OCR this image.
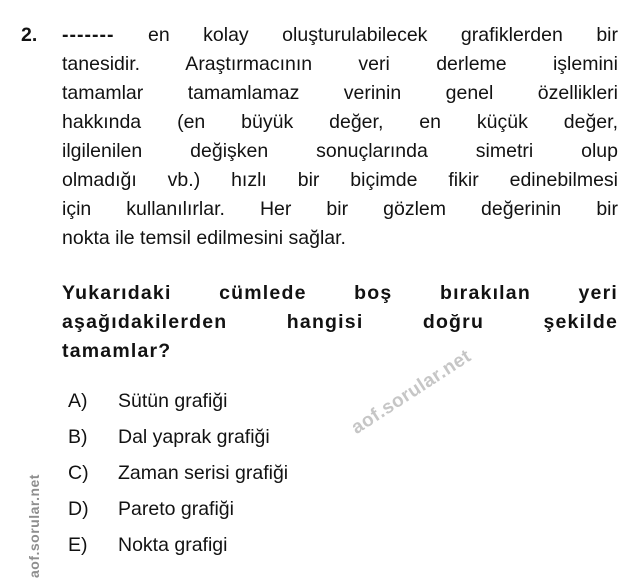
2. ------- en kolay oluşturulabilecek grafiklerden bir
tanesidir. Araştırmacının veri derleme işlemini
tamamlar tamamlamaz verinin genel özellikleri
hakkında (en büyük değer, en küçük değer,
ilgilenilen değişken sonuçlarında simetri olup
olmadığı vb.) hızlı bir biçimde fikir edinebilmesi
için kullanılırlar. Her bir gözlem değerinin bir
nokta ile temsil edilmesini sağlar.
Yukarıdaki cümlede boş bırakılan yeri
aşağıdakilerden hangisi doğru şekilde
tamamlar?
A)	Sütün grafiği
B)	Dal yaprak grafiği
C)	Zaman serisi grafiği
D)	Pareto grafiği
E)	Nokta grafigi
aof.sorular.net
aof.sorular.net
